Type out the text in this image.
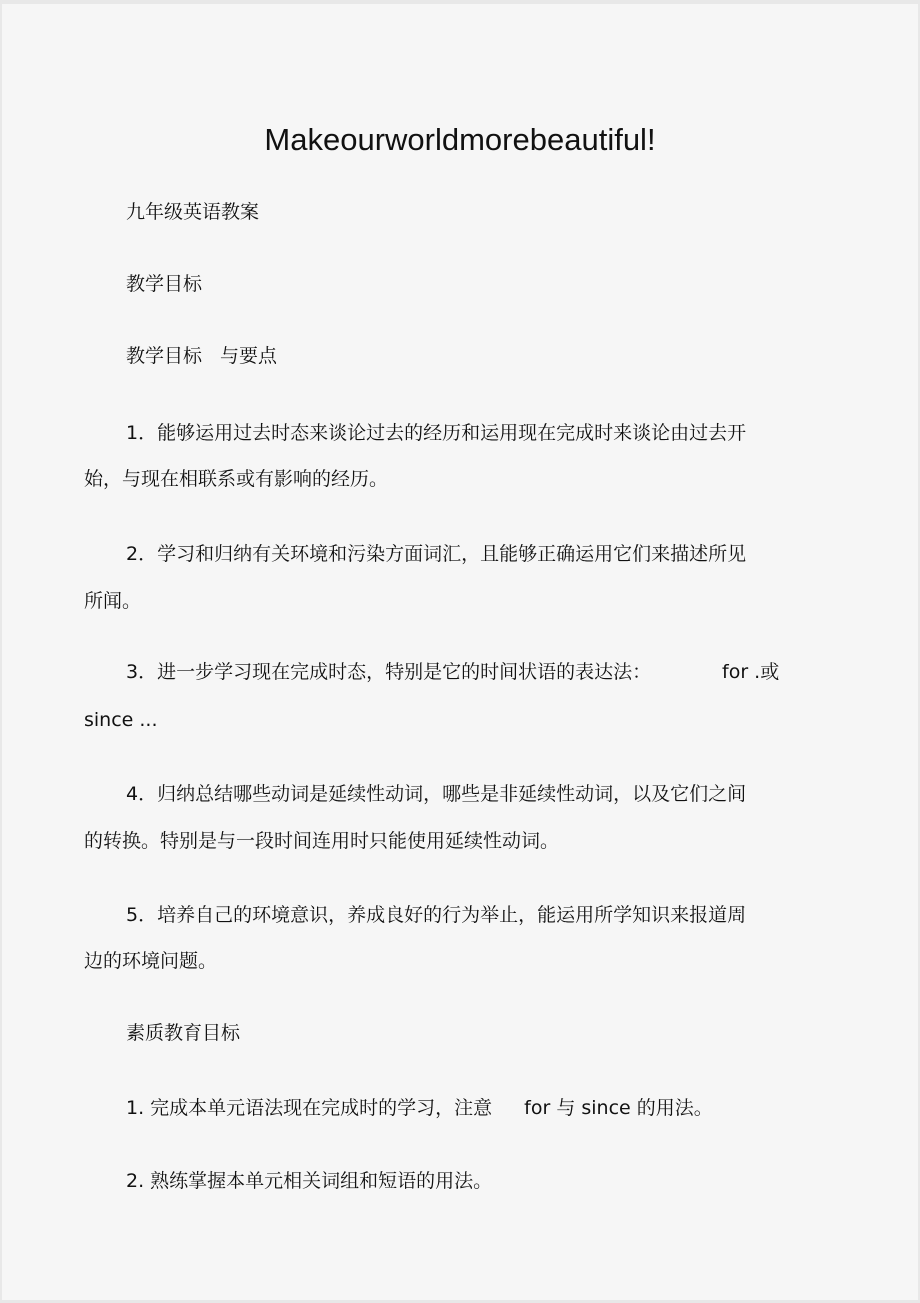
Makeourworldmorebeautiful!
九年级英语教案
教学目标
教学目标 与要点
1．能够运用过去时态来谈论过去的经历和运用现在完成时来谈论由过去开
始，与现在相联系或有影响的经历。
2．学习和归纳有关环境和污染方面词汇，且能够正确运用它们来描述所见
所闻。
3．进一步学习现在完成时态，特别是它的时间状语的表达法：	for .或
since ...
4．归纳总结哪些动词是延续性动词，哪些是非延续性动词，以及它们之间
的转换。特别是与一段时间连用时只能使用延续性动词。
5．培养自己的环境意识，养成良好的行为举止，能运用所学知识来报道周
边的环境问题。
素质教育目标
1. 完成本单元语法现在完成时的学习，注意 for 与 since 的用法。
2. 熟练掌握本单元相关词组和短语的用法。
